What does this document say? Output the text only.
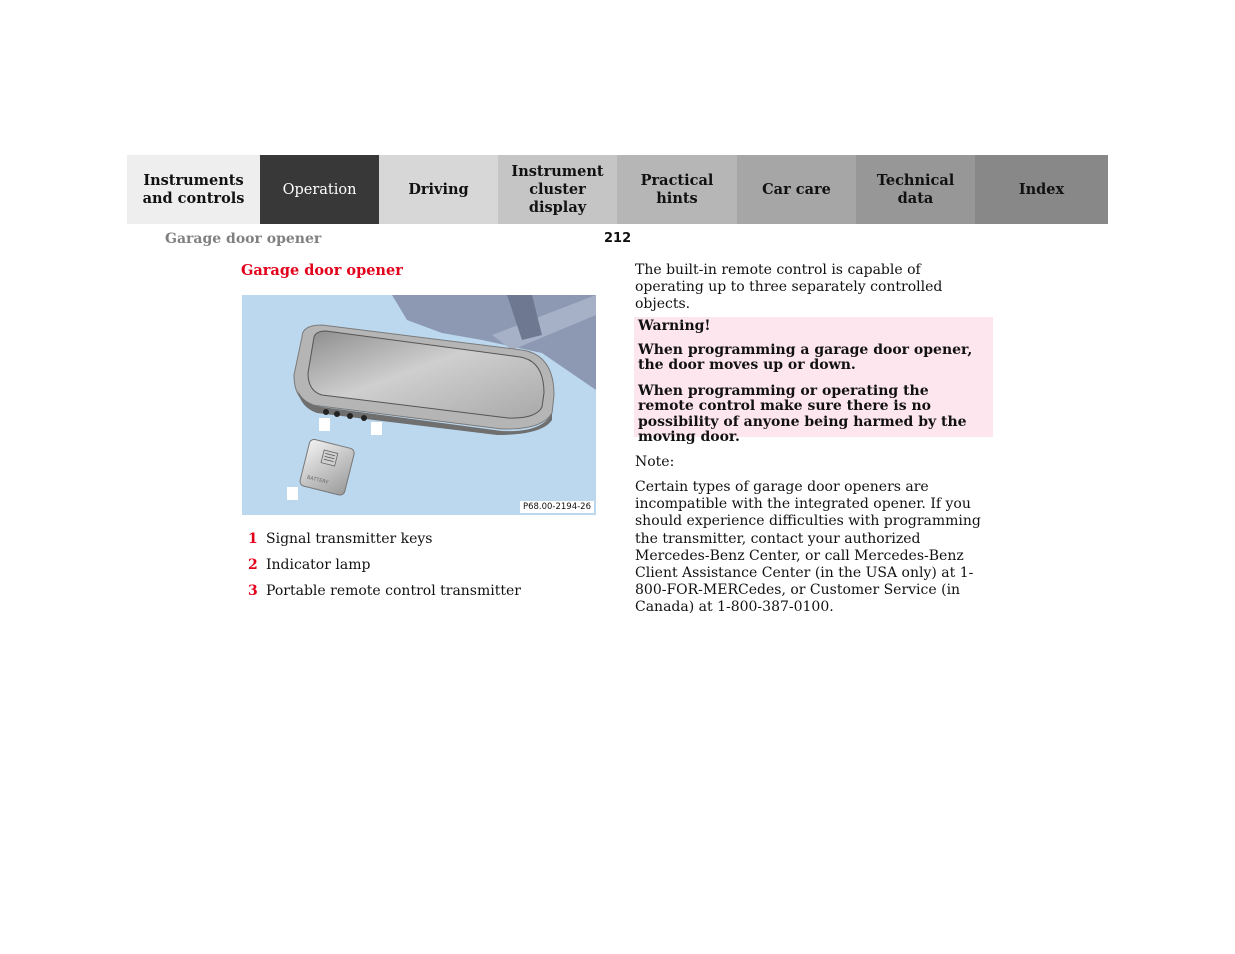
Instruments
and controls	Operation	Driving
Instrument
cluster display
Practical hints
Car care
Technical
data
Index
Garage door opener	212
Garage door opener
BATTERY
P68.00-2194-26
1 Signal transmitter keys
2 Indicator lamp
3 Portable remote control transmitter

The built-in remote control is capable of operating up to three separately controlled objects.

Warning!

When programming a garage door opener, the door moves up or down.

When programming or operating the remote control make sure there is no possibility of anyone being harmed by the moving door.

Note:

Certain types of garage door openers are incompatible with the integrated opener. If you should experience difficulties with programming the transmitter, contact your authorized Mercedes-Benz Center, or call Mercedes-Benz Client Assistance Center (in the USA only) at 1-800-FOR-MERCedes, or Customer Service (in Canada) at 1-800-387-0100.
